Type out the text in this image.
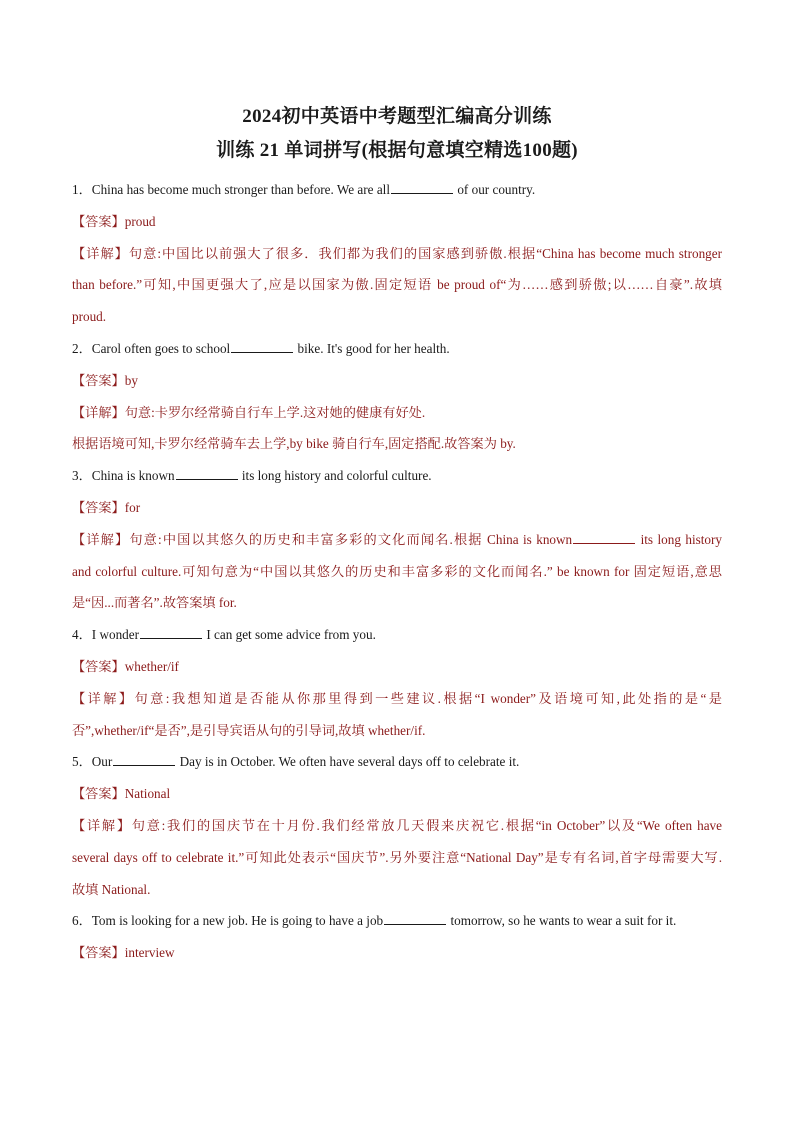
2024初中英语中考题型汇编高分训练
训练 21 单词拼写(根据句意填空精选100题)
1．China has become much stronger than before. We are all	of our country.
【答案】proud
【详解】句意:中国比以前强大了很多．我们都为我们的国家感到骄傲.根据“China has become much stronger
than before.”可知,中国更强大了,应是以国家为傲.固定短语 be proud of“为……感到骄傲;以……自豪”.故填
proud.
2．Carol often goes to school	bike. It's good for her health.
【答案】by
【详解】句意:卡罗尔经常骑自行车上学.这对她的健康有好处.
根据语境可知,卡罗尔经常骑车去上学,by bike 骑自行车,固定搭配.故答案为 by.
3．China is known	its long history and colorful culture.
【答案】for
【详解】句意:中国以其悠久的历史和丰富多彩的文化而闻名.根据 China is known	its long history
and colorful culture.可知句意为“中国以其悠久的历史和丰富多彩的文化而闻名.” be known for 固定短语,意思
是“因...而著名”.故答案填 for.
4．I wonder	I can get some advice from you.
【答案】whether/if
【详解】句意:我想知道是否能从你那里得到一些建议.根据“I wonder”及语境可知,此处指的是“是
否”,whether/if“是否”,是引导宾语从句的引导词,故填 whether/if.
5．Our	Day is in October. We often have several days off to celebrate it.
【答案】National
【详解】句意:我们的国庆节在十月份.我们经常放几天假来庆祝它.根据“in October”以及“We often have
several days off to celebrate it.”可知此处表示“国庆节”.另外要注意“National Day”是专有名词,首字母需要大写.
故填 National.
6．Tom is looking for a new job. He is going to have a job	tomorrow, so he wants to wear a suit for it.
【答案】interview
